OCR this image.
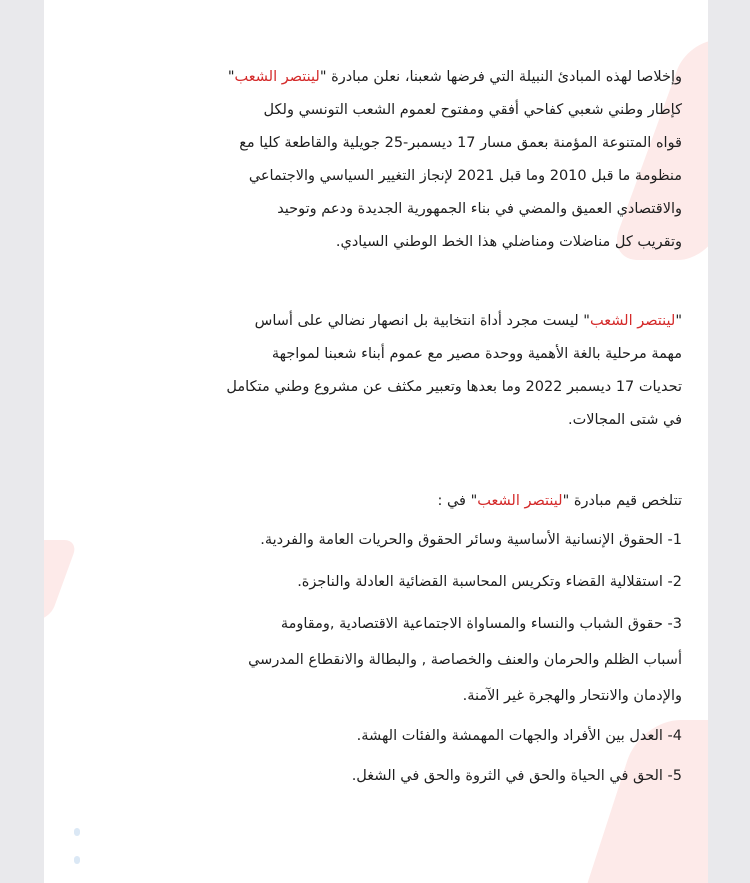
وإخلاصا لهذه المبادئ النبيلة التي فرضها شعبنا، نعلن مبادرة "لينتصر الشعب"
كإطار وطني شعبي كفاحي أفقي ومفتوح لعموم الشعب التونسي ولكل
قواه المتنوعة المؤمنة بعمق مسار 17 ديسمبر-25 جويلية والقاطعة كليا مع
منظومة ما قبل 2010 وما قبل 2021 لإنجاز التغيير السياسي والاجتماعي
والاقتصادي العميق والمضي في بناء الجمهورية الجديدة ودعم وتوحيد
وتقريب كل مناضلات ومناضلي هذا الخط الوطني السيادي.
"لينتصر الشعب" ليست مجرد أداة انتخابية بل انصهار نضالي على أساس
مهمة مرحلية بالغة الأهمية ووحدة مصير مع عموم أبناء شعبنا لمواجهة
تحديات 17 ديسمبر 2022 وما بعدها وتعبير مكثف عن مشروع وطني متكامل
في شتى المجالات.
تتلخص قيم مبادرة "لينتصر الشعب" في :
1- الحقوق الإنسانية الأساسية وسائر الحقوق والحريات العامة والفردية.
2- استقلالية القضاء وتكريس المحاسبة القضائية العادلة والناجزة.
3- حقوق الشباب والنساء والمساواة الاجتماعية الاقتصادية ,ومقاومة
أسباب الظلم والحرمان والعنف والخصاصة , والبطالة والانقطاع المدرسي
والإدمان والانتحار والهجرة غير الآمنة.
4- العدل بين الأفراد والجهات المهمشة والفئات الهشة.
5- الحق في الحياة والحق في الثروة والحق في الشغل.
